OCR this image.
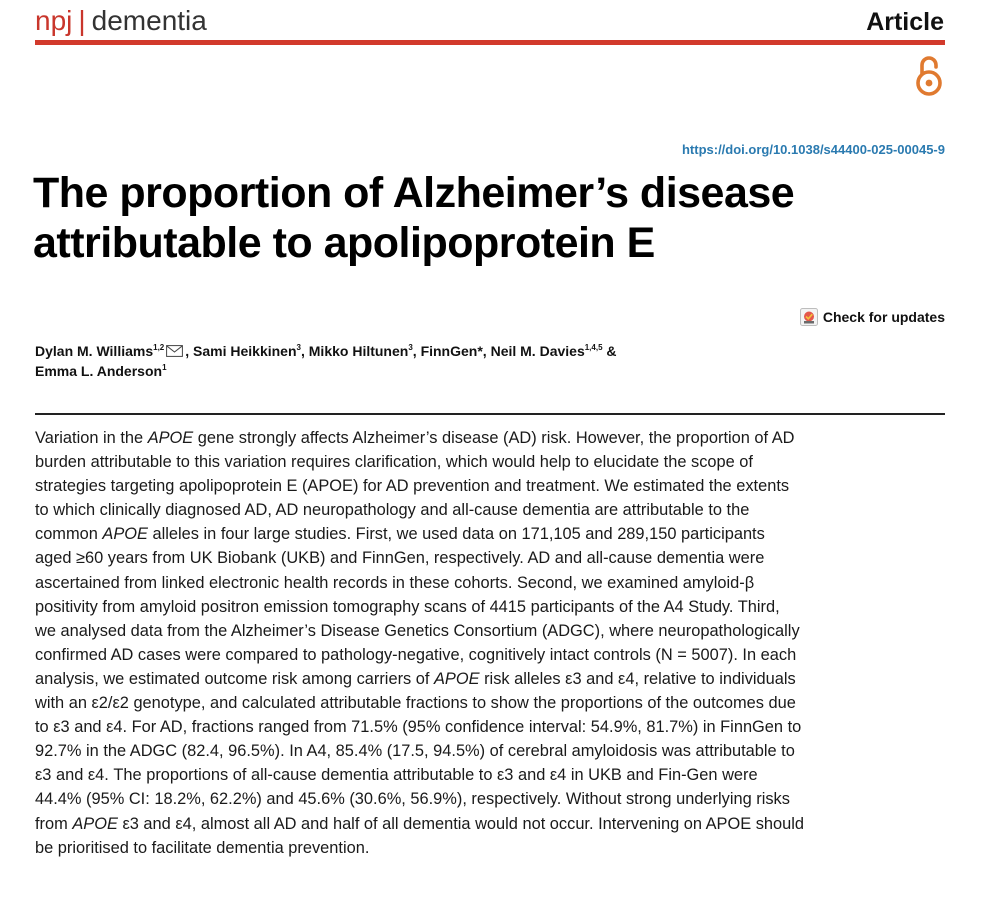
npj | dementia	Article
https://doi.org/10.1038/s44400-025-00045-9
The proportion of Alzheimer’s disease
attributable to apolipoprotein E
Check for updates
Dylan M. Williams$^{1,2}$ , Sami Heikkinen$^3$, Mikko Hiltunen$^3$, FinnGen*, Neil M. Davies$^{1,4,5}$ &
Emma L. Anderson$^1$

Variation in the APOE gene strongly affects Alzheimer’s disease (AD) risk. However, the proportion of AD burden attributable to this variation requires clarification, which would help to elucidate the scope of strategies targeting apolipoprotein E (APOE) for AD prevention and treatment. We estimated the extents to which clinically diagnosed AD, AD neuropathology and all-cause dementia are attributable to the common APOE alleles in four large studies. First, we used data on 171,105 and 289,150 participants aged ≥60 years from UK Biobank (UKB) and FinnGen, respectively. AD and all-cause dementia were ascertained from linked electronic health records in these cohorts. Second, we examined amyloid-β positivity from amyloid positron emission tomography scans of 4415 participants of the A4 Study. Third, we analysed data from the Alzheimer’s Disease Genetics Consortium (ADGC), where neuropathologically confirmed AD cases were compared to pathology-negative, cognitively intact controls (N = 5007). In each analysis, we estimated outcome risk among carriers of APOE risk alleles ε3 and ε4, relative to individuals with an ε2/ε2 genotype, and calculated attributable fractions to show the proportions of the outcomes due to ε3 and ε4. For AD, fractions ranged from 71.5% (95% confidence interval: 54.9%, 81.7%) in FinnGen to 92.7% in the ADGC (82.4, 96.5%). In A4, 85.4% (17.5, 94.5%) of cerebral amyloidosis was attributable to ε3 and ε4. The proportions of all-cause dementia attributable to ε3 and ε4 in UKB and Fin-Gen were 44.4% (95% CI: 18.2%, 62.2%) and 45.6% (30.6%, 56.9%), respectively. Without strong underlying risks from APOE ε3 and ε4, almost all AD and half of all dementia would not occur. Intervening on APOE should be prioritised to facilitate dementia prevention.
